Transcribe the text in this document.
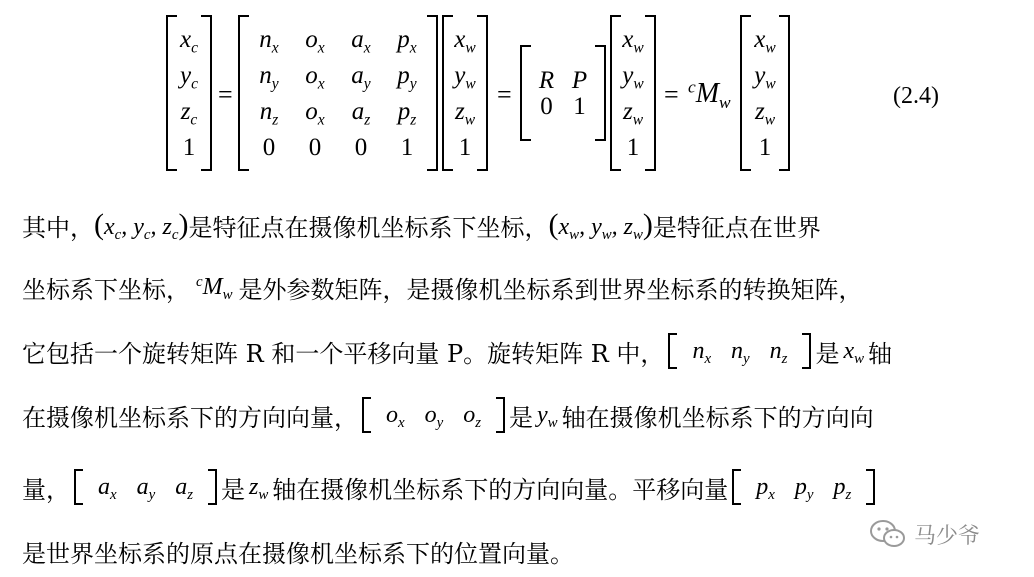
$x_c$
$y_c$
$z_c$
1
=
$n_x$ $o_x$ $a_x$ $p_x$
$n_y$ $o_x$ $a_y$ $p_y$
$n_z$ $o_x$ $a_z$ $p_z$
0 0 0 1
$x_w$
$y_w$
$z_w$
1
= R P
0 1
$x_w$
$y_w$
$z_w$
1
= $^cM_w$
$x_w$
$y_w$
$z_w$
1
(2.4)
其中， ($x_c$, $y_c$, $z_c$) 是特征点在摄像机坐标系下坐标， ($x_w$, $y_w$, $z_w$) 是特征点在世界
坐标系下坐标， $^cM_w$ 是外参数矩阵，是摄像机坐标系到世界坐标系的转换矩阵，
它包括一个旋转矩阵 R 和一个平移向量 P。旋转矩阵 R 中， $n_x$ $n_y$ $n_z$ 是 $x_w$ 轴
在摄像机坐标系下的方向向量， $o_x$ $o_y$ $o_z$ 是 $y_w$ 轴在摄像机坐标系下的方向向
量， $a_x$ $a_y$ $a_z$ 是 $z_w$ 轴在摄像机坐标系下的方向向量。平移向量 $p_x$ $p_y$ $p_z$
是世界坐标系的原点在摄像机坐标系下的位置向量。
马少爷
